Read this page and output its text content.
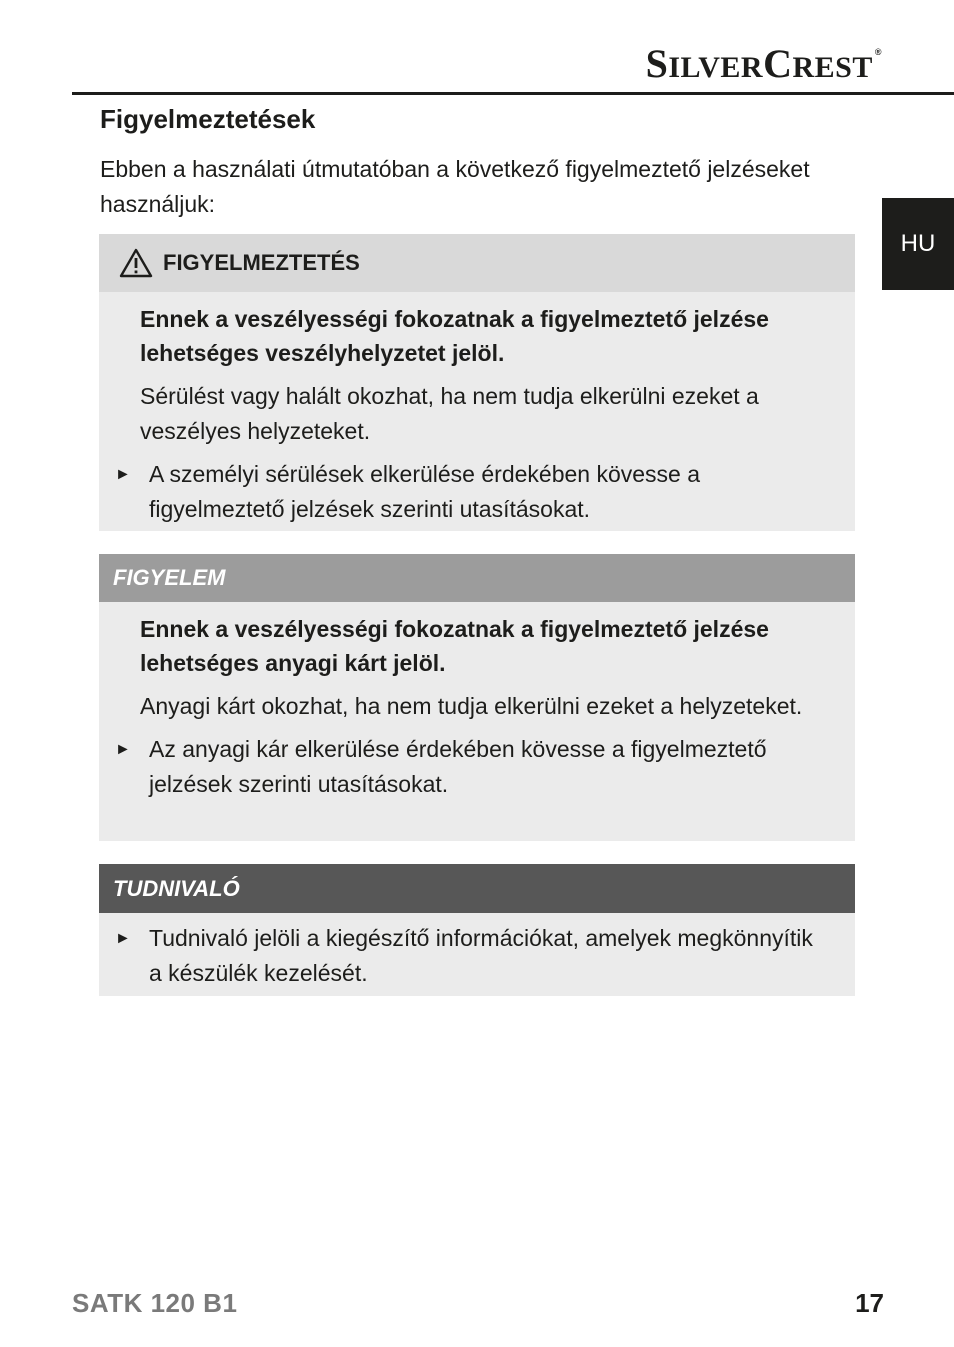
SILVERCREST ®
HU
Figyelmeztetések

Ebben a használati útmutatóban a következő figyelmeztető jelzéseket használjuk:

FIGYELMEZTETÉS

Ennek a veszélyességi fokozatnak a figyelmeztető jelzése lehetséges veszélyhelyzetet jelöl.

Sérülést vagy halált okozhat, ha nem tudja elkerülni ezeket a veszélyes helyzeteket.

► A személyi sérülések elkerülése érdekében kövesse a figyelmeztető jelzések szerinti utasításokat.

FIGYELEM

Ennek a veszélyességi fokozatnak a figyelmeztető jelzése lehetséges anyagi kárt jelöl.

Anyagi kárt okozhat, ha nem tudja elkerülni ezeket a helyzeteket.

► Az anyagi kár elkerülése érdekében kövesse a figyelmeztető jelzések szerinti utasításokat.

TUDNIVALÓ

► Tudnivaló jelöli a kiegészítő információkat, amelyek megkönnyítik a készülék kezelését.

SATK 120 B1	17
